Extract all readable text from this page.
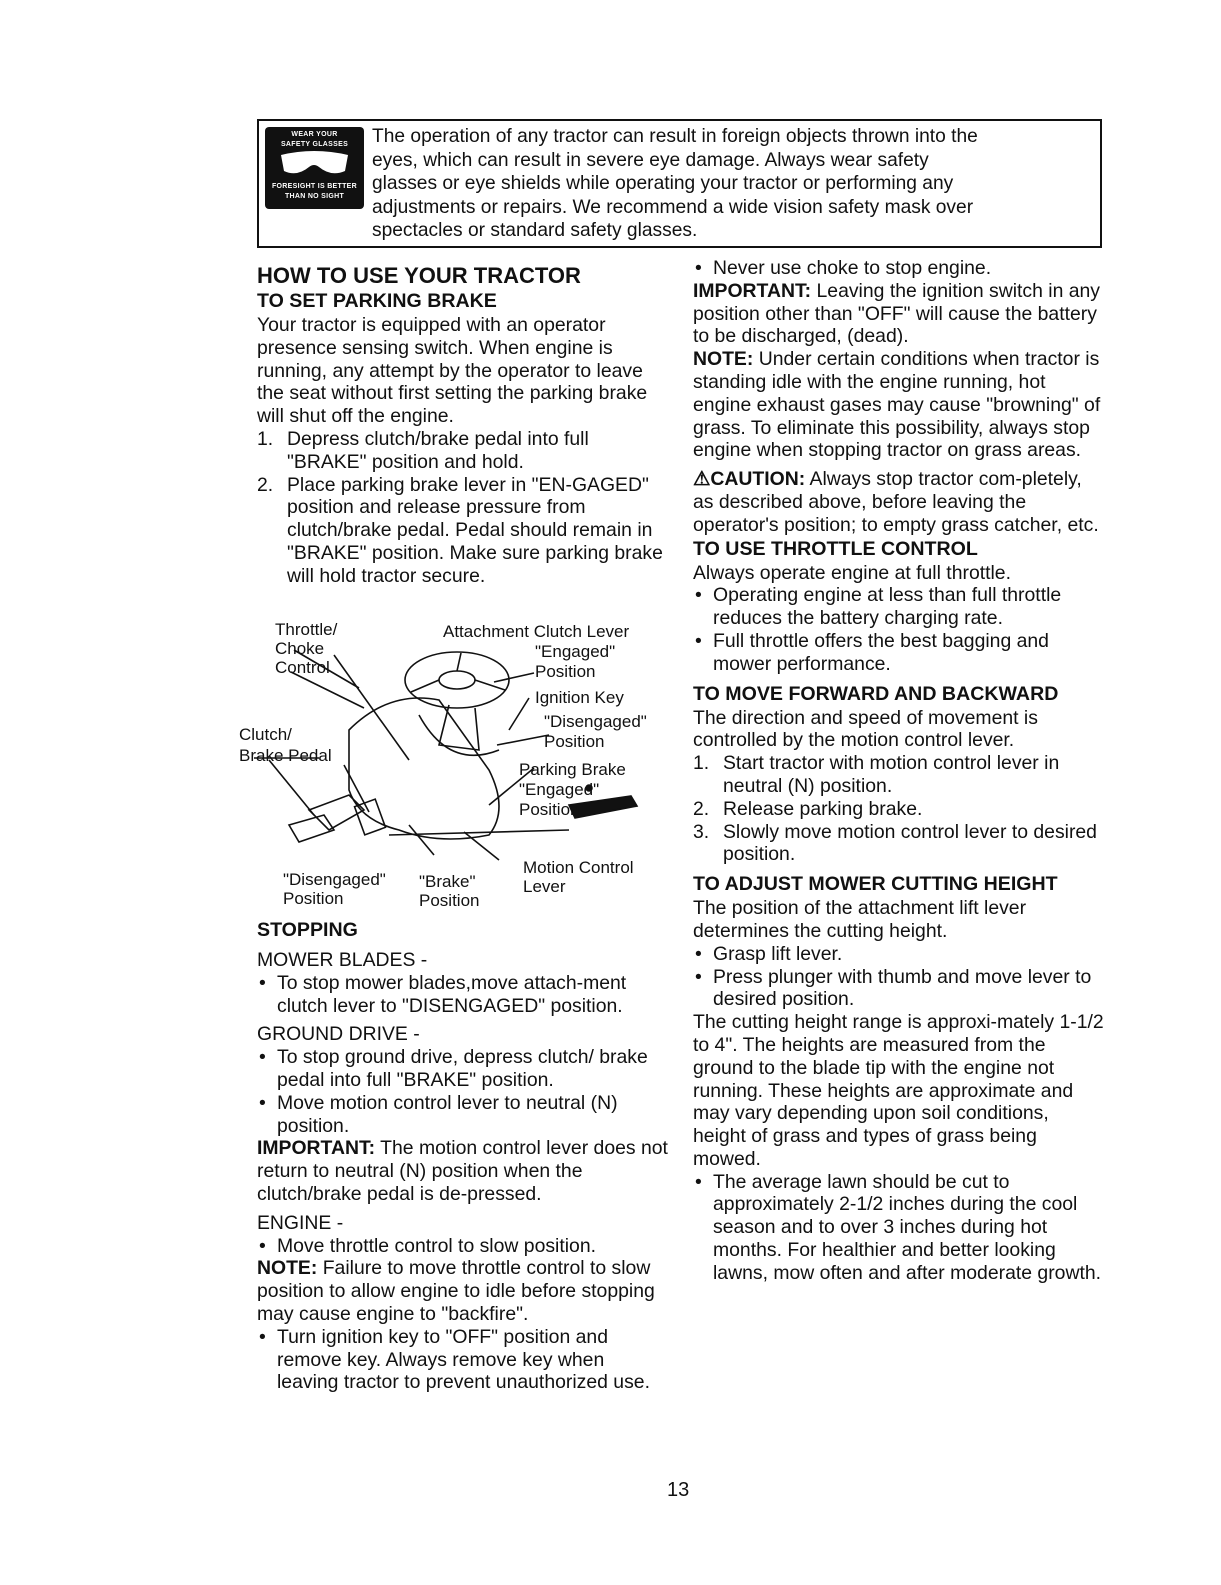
WEAR YOUR
SAFETY GLASSES
FORESIGHT IS BETTER
THAN NO SIGHT
The operation of any tractor can result in foreign objects thrown into the
eyes, which can result in severe eye damage. Always wear safety
glasses or eye shields while operating your tractor or performing any
adjustments or repairs. We recommend a wide vision safety mask over
spectacles or standard safety glasses.

HOW TO USE YOUR TRACTOR

TO SET PARKING BRAKE

Your tractor is equipped with an operator presence sensing switch. When engine is running, any attempt by the operator to leave the seat without first setting the parking brake will shut off the engine.

1. Depress clutch/brake pedal into full "BRAKE" position and hold.
2. Place parking brake lever in "EN-GAGED" position and release pressure from clutch/brake pedal. Pedal should remain in "BRAKE" position. Make sure parking brake will hold tractor secure.
Throttle/
Choke
Control
Attachment Clutch Lever
"Engaged"
Position
Ignition Key
"Disengaged"
Position
Clutch/
Brake Pedal
Parking Brake
"Engaged"
Position
Motion Control
Lever
"Disengaged"
Position
"Brake"
Position

STOPPING

MOWER BLADES -

• To stop mower blades,move attach-ment clutch lever to "DISENGAGED" position.

GROUND DRIVE -

• To stop ground drive, depress clutch/ brake pedal into full "BRAKE" position.
• Move motion control lever to neutral (N) position.

IMPORTANT: The motion control lever does not return to neutral (N) position when the clutch/brake pedal is de-pressed.

ENGINE -

• Move throttle control to slow position.

NOTE: Failure to move throttle control to slow position to allow engine to idle before stopping may cause engine to "backfire".

• Turn ignition key to "OFF" position and remove key. Always remove key when leaving tractor to prevent unauthorized use.
• Never use choke to stop engine.

IMPORTANT: Leaving the ignition switch in any position other than "OFF" will cause the battery to be discharged, (dead).

NOTE: Under certain conditions when tractor is standing idle with the engine running, hot engine exhaust gases may cause "browning" of grass. To eliminate this possibility, always stop engine when stopping tractor on grass areas.

⚠CAUTION: Always stop tractor com-pletely, as described above, before leaving the operator's position; to empty grass catcher, etc.

TO USE THROTTLE CONTROL

Always operate engine at full throttle.

• Operating engine at less than full throttle reduces the battery charging rate.
• Full throttle offers the best bagging and mower performance.

TO MOVE FORWARD AND BACKWARD

The direction and speed of movement is controlled by the motion control lever.

1. Start tractor with motion control lever in neutral (N) position.
2. Release parking brake.
3. Slowly move motion control lever to desired position.

TO ADJUST MOWER CUTTING HEIGHT

The position of the attachment lift lever determines the cutting height.

• Grasp lift lever.
• Press plunger with thumb and move lever to desired position.

The cutting height range is approxi-mately 1-1/2 to 4". The heights are measured from the ground to the blade tip with the engine not running. These heights are approximate and may vary depending upon soil conditions, height of grass and types of grass being mowed.

• The average lawn should be cut to approximately 2-1/2 inches during the cool season and to over 3 inches during hot months. For healthier and better looking lawns, mow often and after moderate growth.
13
